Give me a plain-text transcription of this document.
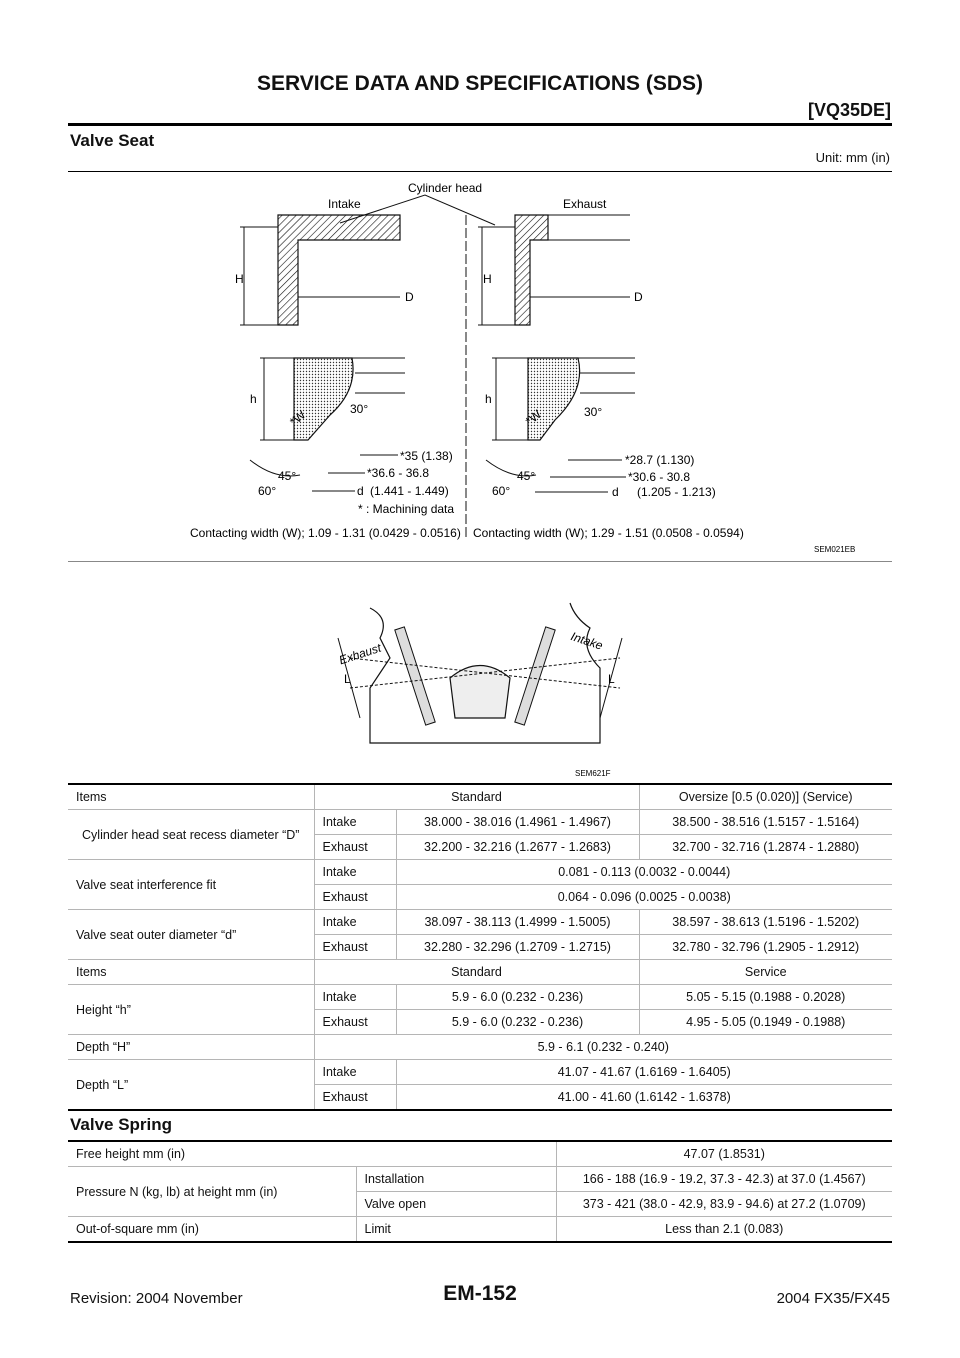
SERVICE DATA AND SPECIFICATIONS (SDS)
[VQ35DE]
Valve Seat
Unit: mm (in)
Cylinder head
Intake	Exhaust
H
D
h
*W	30°
*35 (1.38)
*36.6 - 36.8
d (1.441 - 1.449)
45°
60°
* : Machining data
H
D
h
*W	30°
*28.7 (1.130)
*30.6 - 30.8
d (1.205 - 1.213)
45°
60°
Contacting width (W); 1.09 - 1.31 (0.0429 - 0.0516) Contacting width (W); 1.29 - 1.51 (0.0508 - 0.0594)
SEM021EB
Exhaust	Intake
L	L
SEM621F
Items	Standard		Oversize [0.5 (0.020)] (Service)
Cylinder head seat recess diameter “D”	Intake	38.000 - 38.016 (1.4961 - 1.4967)	38.500 - 38.516 (1.5157 - 1.5164)
	Exhaust	32.200 - 32.216 (1.2677 - 1.2683)	32.700 - 32.716 (1.2874 - 1.2880)
Valve seat interference fit	Intake	0.081 - 0.113 (0.0032 - 0.0044)	
	Exhaust	0.064 - 0.096 (0.0025 - 0.0038)	
Valve seat outer diameter “d”	Intake	38.097 - 38.113 (1.4999 - 1.5005)	38.597 - 38.613 (1.5196 - 1.5202)
	Exhaust	32.280 - 32.296 (1.2709 - 1.2715)	32.780 - 32.796 (1.2905 - 1.2912)
Items	Standard		Service
Height “h”	Intake	5.9 - 6.0 (0.232 - 0.236)	5.05 - 5.15 (0.1988 - 0.2028)
	Exhaust	5.9 - 6.0 (0.232 - 0.236)	4.95 - 5.05 (0.1949 - 0.1988)
Depth “H”	5.9 - 6.1 (0.232 - 0.240)		
Depth “L”	Intake	41.07 - 41.67 (1.6169 - 1.6405)	
	Exhaust	41.00 - 41.60 (1.6142 - 1.6378)	
Valve Spring
Free height mm (in)		47.07 (1.8531)
Pressure N (kg, lb) at height mm (in)	Installation	166 - 188 (16.9 - 19.2, 37.3 - 42.3) at 37.0 (1.4567)
	Valve open	373 - 421 (38.0 - 42.9, 83.9 - 94.6) at 27.2 (1.0709)
Out-of-square mm (in)	Limit	Less than 2.1 (0.083)
Revision: 2004 November	EM-152	2004 FX35/FX45
